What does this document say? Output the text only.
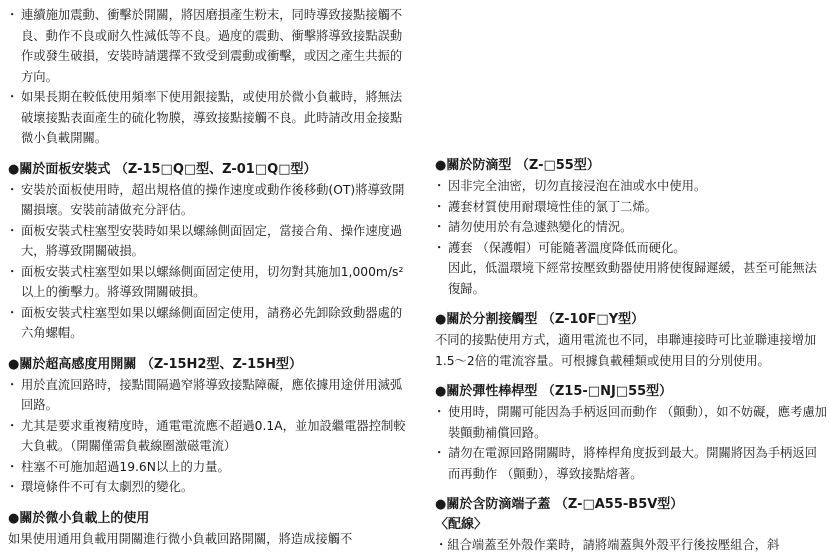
・ 連續施加震動、衝擊於開關，將因磨損產生粉末，同時導致接點接觸不良、動作不良或耐久性減低等不良。過度的震動、衝擊將導致接點誤動作或發生破損，安裝時請選擇不致受到震動或衝擊，或因之產生共振的方向。

・ 如果長期在較低使用頻率下使用銀接點，或使用於微小負載時，將無法破壞接點表面產生的硫化物膜，導致接點接觸不良。此時請改用金接點微小負載開關。

●關於面板安裝式 （Z-15□Q□型、Z-01□Q□型）

・ 安裝於面板使用時，超出規格值的操作速度或動作後移動(OT)將導致開關損壞。安裝前請做充分評估。

・ 面板安裝式柱塞型安裝時如果以螺絲側面固定，當接合角、操作速度過大，將導致開關破損。

・ 面板安裝式柱塞型如果以螺絲側面固定使用，切勿對其施加1,000m/s²以上的衝擊力。將導致開關破損。

・ 面板安裝式柱塞型如果以螺絲側面固定使用，請務必先卸除致動器處的六角螺帽。

●關於超高感度用開關 （Z-15H2型、Z-15H型）

・ 用於直流回路時，接點間隔過窄將導致接點障礙，應依據用途併用滅弧回路。

・ 尤其是要求重複精度時，通電電流應不超過0.1A，並加設繼電器控制較大負載。（開關僅需負載線圈激磁電流）

・ 柱塞不可施加超過19.6N以上的力量。

・ 環境條件不可有太劇烈的變化。

●關於微小負載上的使用

如果使用通用負載用開關進行微小負載回路開關，將造成接觸不

●關於防滴型 （Z-□55型）

・ 因非完全油密，切勿直接浸泡在油或水中使用。

・ 護套材質使用耐環境性佳的氯丁二烯。

・ 請勿使用於有急遽熱變化的情況。

・ 護套 （保護帽）可能隨著溫度降低而硬化。

因此，低溫環境下經常按壓致動器使用將使復歸遲緩，甚至可能無法復歸。

●關於分割接觸型 （Z-10F□Y型）

不同的接點使用方式，適用電流也不同，串聯連接時可比並聯連接增加1.5〜2倍的電流容量。可根據負載種類或使用目的分別使用。

●關於彈性棒桿型 （Z15-□NJ□55型）

・ 使用時，開關可能因為手柄返回而動作 （顫動），如不妨礙，應考慮加裝顫動補償回路。

・ 請勿在電源回路開關時，將棒桿角度扳到最大。開關將因為手柄返回而再動作 （顫動），導致接點熔著。

●關於含防滴端子蓋 （Z-□A55-B5V型）

〈配線〉

・組合端蓋至外殼作業時，請將端蓋與外殼平行後按壓組合，斜
